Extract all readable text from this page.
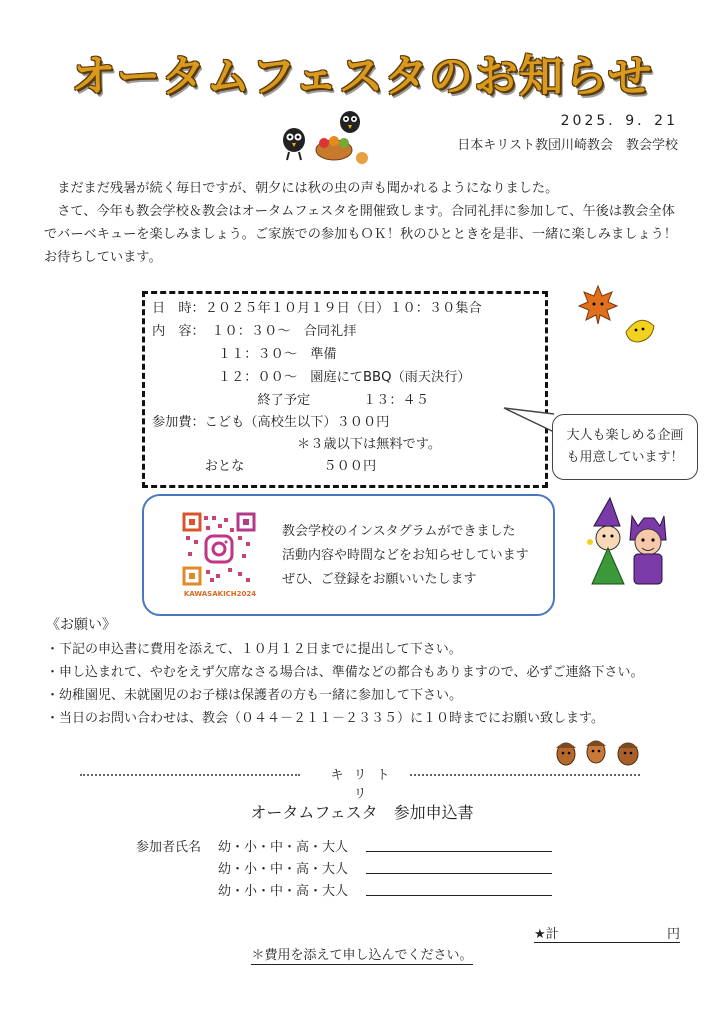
オータムフェスタのお知らせ
2025．9．21
日本キリスト教団川崎教会　教会学校
まだまだ残暑が続く毎日ですが、朝夕には秋の虫の声も聞かれるようになりました。
さて、今年も教会学校＆教会はオータムフェスタを開催致します。合同礼拝に参加して、午後は教会全体
でバーベキューを楽しみましょう。ご家族での参加もＯＫ！秋のひとときを是非、一緒に楽しみましょう！
お待ちしています。
日　時：２０２５年１０月１９日（日）１０：３０集合
内　容：　１０：３０～　合同礼拝
　　　　　１１：３０～　準備
　　　　　１２：００～　園庭にてBBQ（雨天決行）
　　　　　　　　終了予定　　　　１３：４５
参加費：こども（高校生以下）３００円
　　　　　　　　　　　＊３歳以下は無料です。
　　　　おとな　　　　　　５００円
大人も楽しめる企画
も用意しています！
KAWASAKICH2024
教会学校のインスタグラムができました
活動内容や時間などをお知らせしています
ぜひ、ご登録をお願いいたします
《お願い》
・下記の申込書に費用を添えて、１０月１２日までに提出して下さい。
・申し込まれて、やむをえず欠席なさる場合は、準備などの都合もありますので、必ずご連絡下さい。
・幼稚園児、未就園児のお子様は保護者の方も一緒に参加して下さい。
・当日のお問い合わせは、教会（０４４－２１１－２３３５）に１０時までにお願い致します。
キリトリ
オータムフェスタ　参加申込書
参加者氏名 幼・小・中・高・大人
幼・小・中・高・大人
幼・小・中・高・大人
★計	円
＊費用を添えて申し込んでください。
